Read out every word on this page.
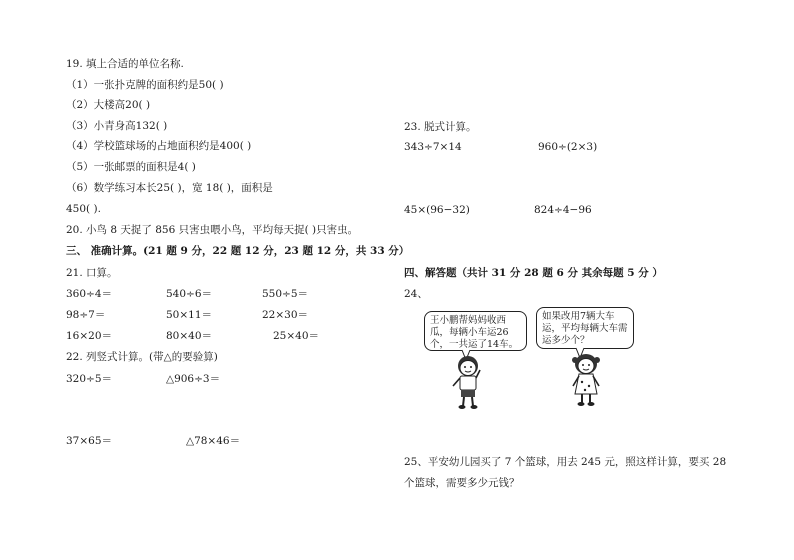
19. 填上合适的单位名称.
（1）一张扑克牌的面积约是50( )
（2）大楼高20( )
（3）小青身高132( )
（4）学校篮球场的占地面积约是400( )
（5）一张邮票的面积是4( )
（6）数学练习本长25( )，宽 18( )，面积是
450( ).
20. 小鸟 8 天捉了 856 只害虫喂小鸟，平均每天捉( )只害虫。
三、 准确计算。(21 题 9 分，22 题 12 分，23 题 12 分，共 33 分）
21. 口算。
360÷4＝	540÷6＝	550÷5＝
98÷7＝	50×11＝	22×30＝
16×20＝	80×40＝	25×40＝
22. 列竖式计算。(带△的要验算)
320÷5＝	△906÷3＝
37×65＝	△78×46＝
23. 脱式计算。
343÷7×14	960÷(2×3)
45×(96−32)	824÷4−96
四、解答题（共计 31 分 28 题 6 分 其余每题 5 分 ）
24、
王小鹏帮妈妈收西瓜，每辆小车运26个，一共运了14车。
如果改用7辆大车运，平均每辆大车需运多少个？
25、平安幼儿园买了 7 个篮球，用去 245 元，照这样计算，要买 28
个篮球，需要多少元钱？
